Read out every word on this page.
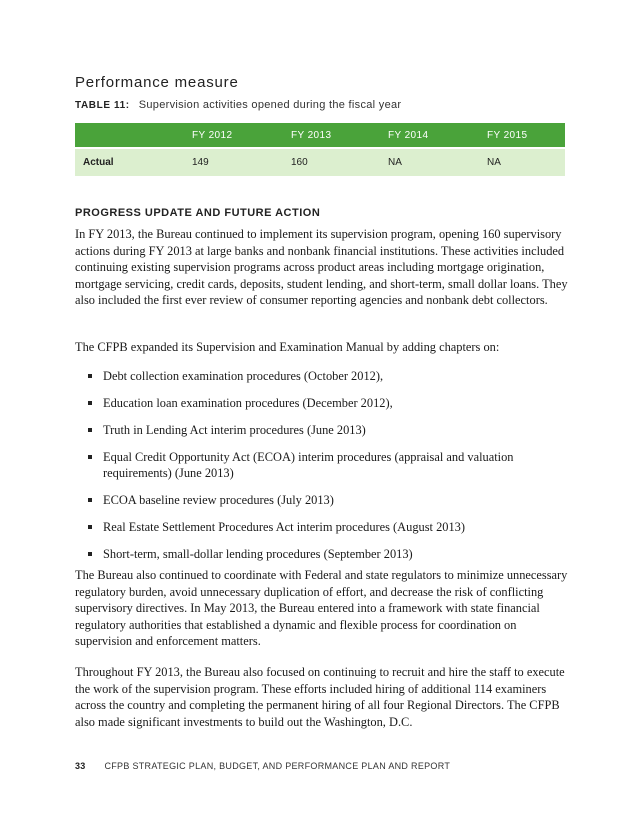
Performance measure
TABLE 11: Supervision activities opened during the fiscal year
	FY 2012	FY 2013	FY 2014	FY 2015
Actual	149	160	NA	NA
PROGRESS UPDATE AND FUTURE ACTION

In FY 2013, the Bureau continued to implement its supervision program, opening 160 supervisory actions during FY 2013 at large banks and nonbank financial institutions. These activities included continuing existing supervision programs across product areas including mortgage origination, mortgage servicing, credit cards, deposits, student lending, and short-term, small dollar loans. They also included the first ever review of consumer reporting agencies and nonbank debt collectors.

The CFPB expanded its Supervision and Examination Manual by adding chapters on:

Debt collection examination procedures (October 2012),
Education loan examination procedures (December 2012),
Truth in Lending Act interim procedures (June 2013)
Equal Credit Opportunity Act (ECOA) interim procedures (appraisal and valuation requirements) (June 2013)
ECOA baseline review procedures (July 2013)
Real Estate Settlement Procedures Act interim procedures (August 2013)
Short-term, small-dollar lending procedures (September 2013)

The Bureau also continued to coordinate with Federal and state regulators to minimize unnecessary regulatory burden, avoid unnecessary duplication of effort, and decrease the risk of conflicting supervisory directives. In May 2013, the Bureau entered into a framework with state financial regulatory authorities that established a dynamic and flexible process for coordination on supervision and enforcement matters.

Throughout FY 2013, the Bureau also focused on continuing to recruit and hire the staff to execute the work of the supervision program. These efforts included hiring of additional 114 examiners across the country and completing the permanent hiring of all four Regional Directors. The CFPB also made significant investments to build out the Washington, D.C.

33 CFPB STRATEGIC PLAN, BUDGET, AND PERFORMANCE PLAN AND REPORT
